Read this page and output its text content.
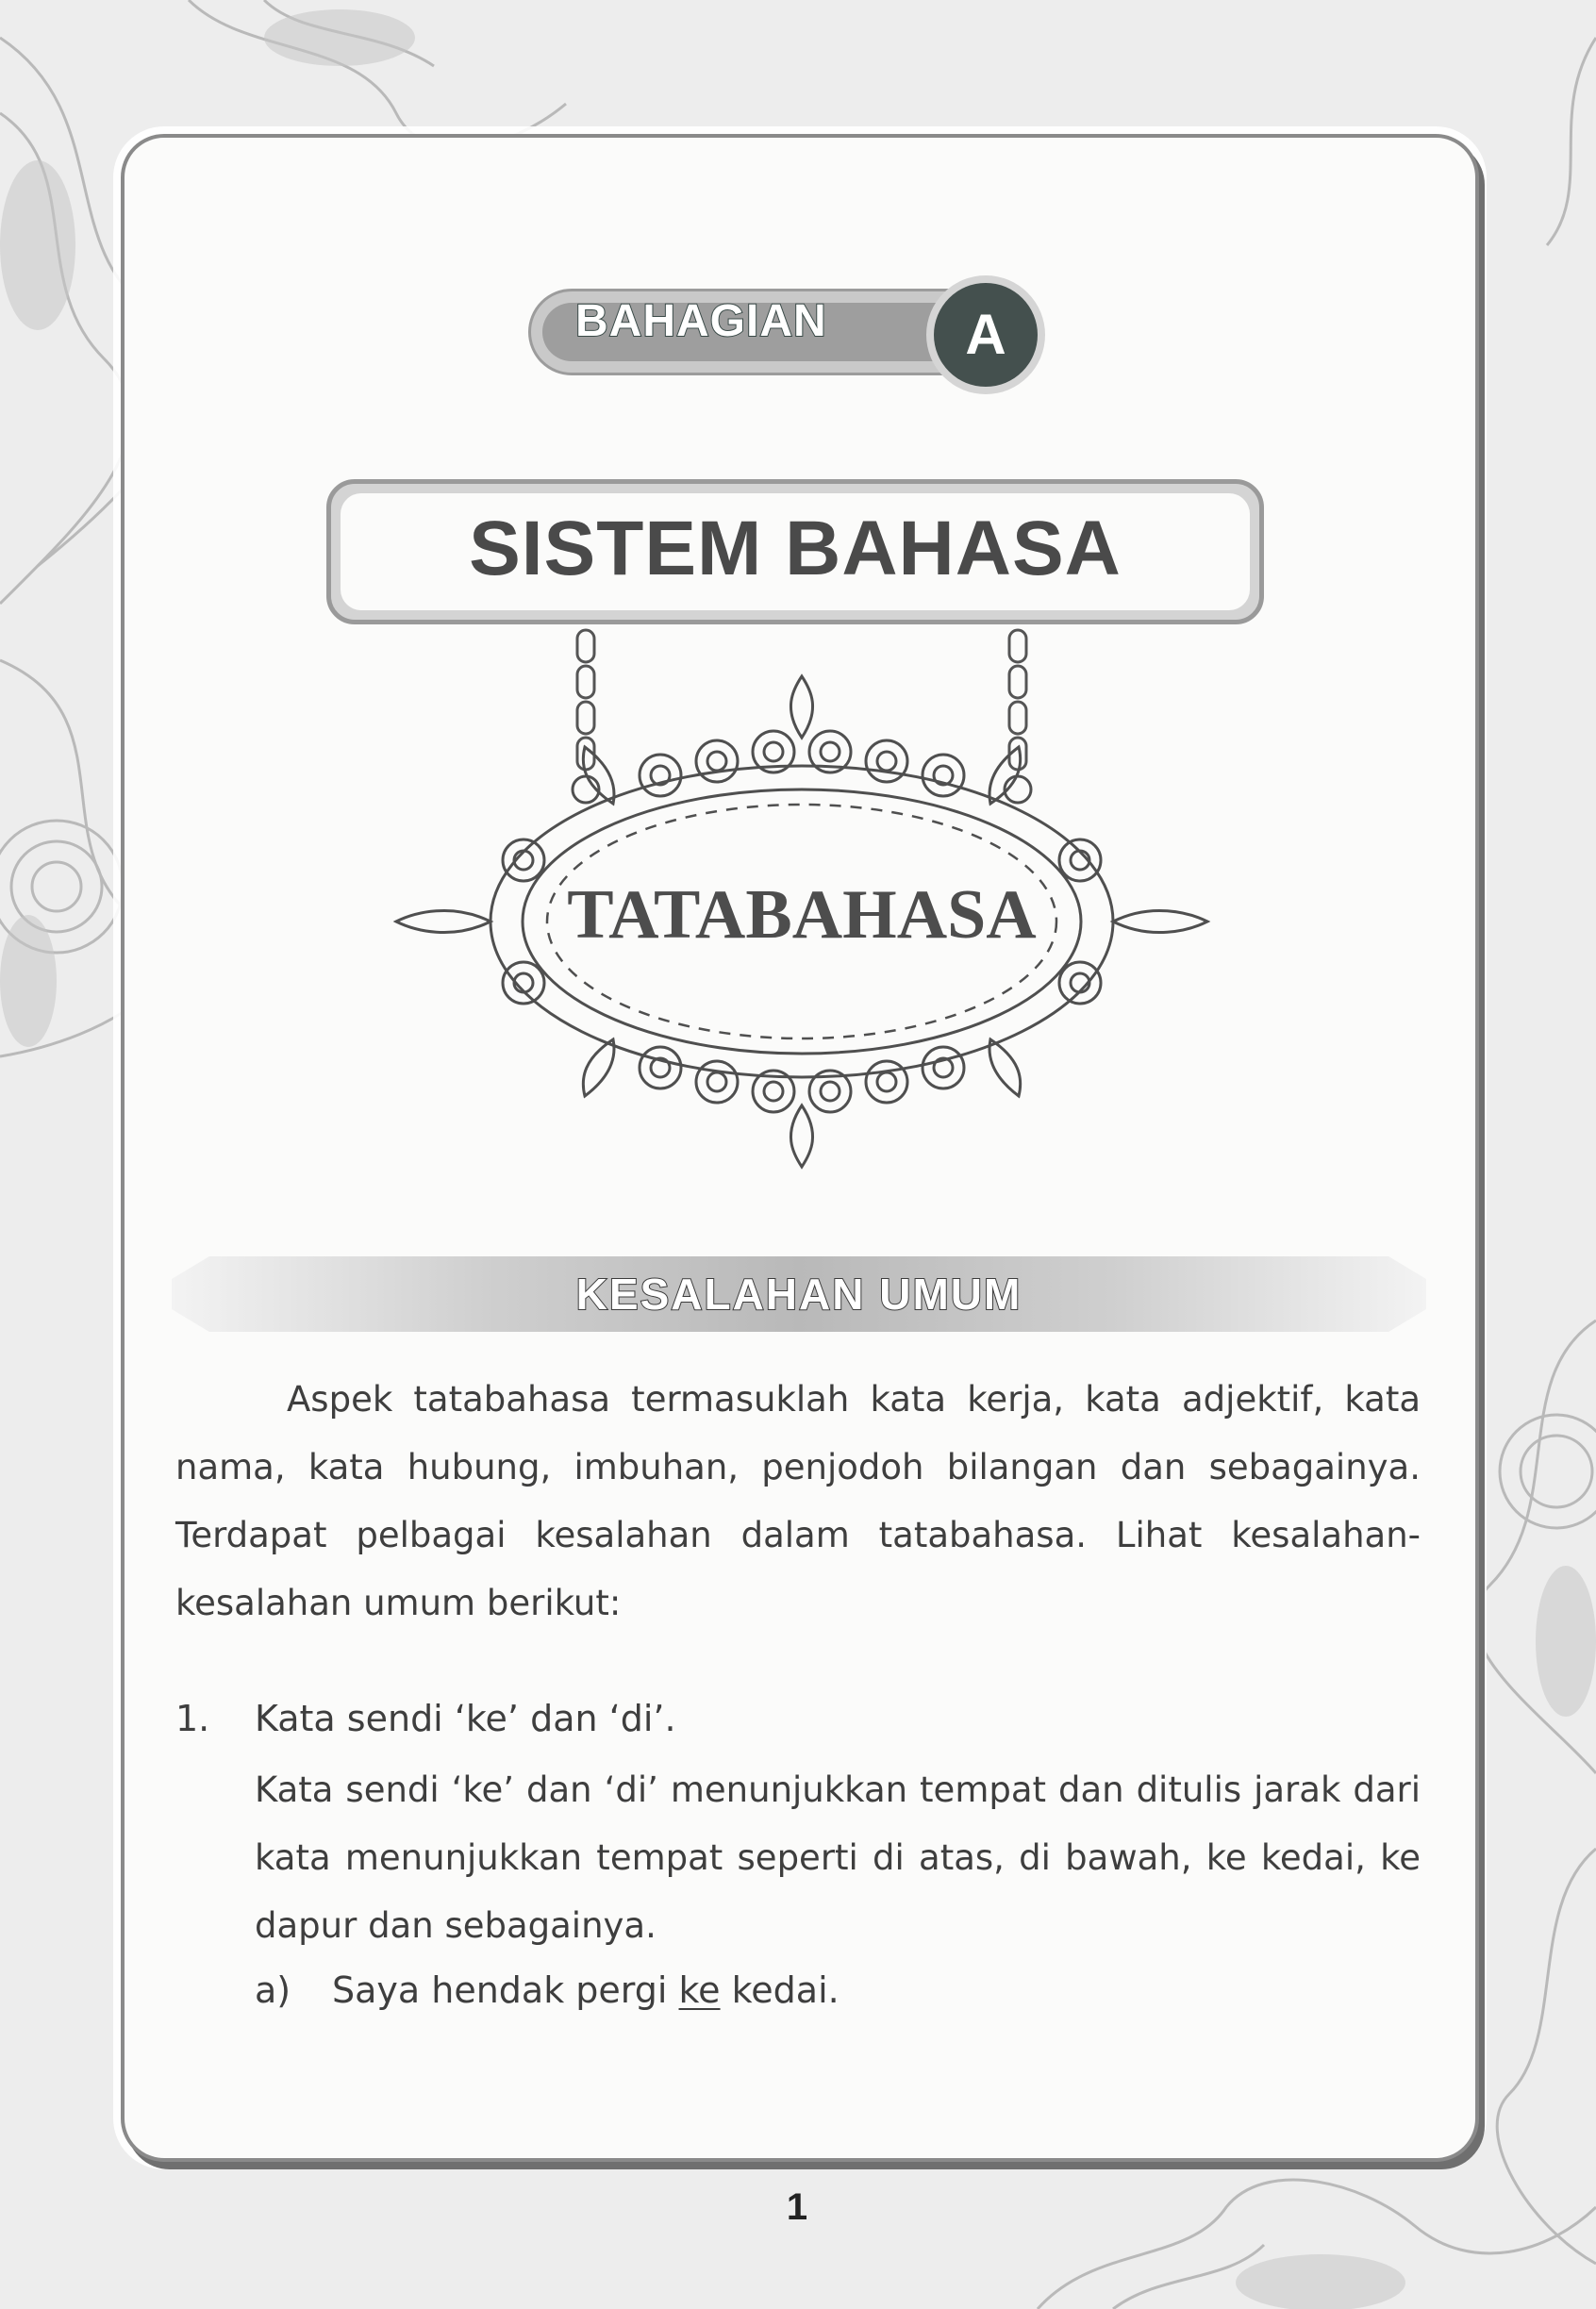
BAHAGIAN	A
SISTEM BAHASA
TATABAHASA
KESALAHAN UMUM
Aspek tatabahasa termasuklah kata kerja, kata adjektif, kata nama, kata hubung, imbuhan, penjodoh bilangan dan sebagainya. Terdapat pelbagai kesalahan dalam tatabahasa. Lihat kesalahan-kesalahan umum berikut:
1. Kata sendi ‘ke’ dan ‘di’.
Kata sendi ‘ke’ dan ‘di’ menunjukkan tempat dan ditulis jarak dari kata menunjukkan tempat seperti di atas, di bawah, ke kedai, ke dapur dan sebagainya.
a) Saya hendak pergi ke kedai.
1
